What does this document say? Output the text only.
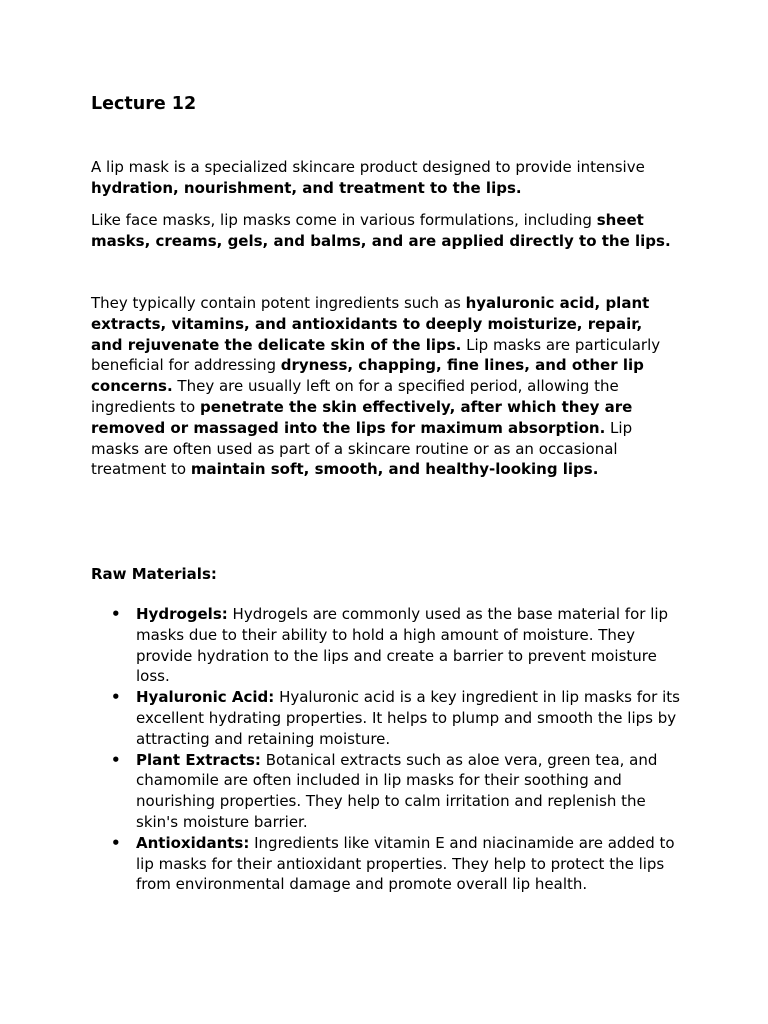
Lecture 12

A lip mask is a specialized skincare product designed to provide intensive hydration, nourishment, and treatment to the lips.

Like face masks, lip masks come in various formulations, including sheet masks, creams, gels, and balms, and are applied directly to the lips.

They typically contain potent ingredients such as hyaluronic acid, plant extracts, vitamins, and antioxidants to deeply moisturize, repair, and rejuvenate the delicate skin of the lips. Lip masks are particularly beneficial for addressing dryness, chapping, fine lines, and other lip concerns. They are usually left on for a specified period, allowing the ingredients to penetrate the skin effectively, after which they are removed or massaged into the lips for maximum absorption. Lip masks are often used as part of a skincare routine or as an occasional treatment to maintain soft, smooth, and healthy-looking lips.

Raw Materials:
• Hydrogels: Hydrogels are commonly used as the base material for lip masks due to their ability to hold a high amount of moisture. They provide hydration to the lips and create a barrier to prevent moisture loss.
• Hyaluronic Acid: Hyaluronic acid is a key ingredient in lip masks for its excellent hydrating properties. It helps to plump and smooth the lips by attracting and retaining moisture.
• Plant Extracts: Botanical extracts such as aloe vera, green tea, and chamomile are often included in lip masks for their soothing and nourishing properties. They help to calm irritation and replenish the skin's moisture barrier.
• Antioxidants: Ingredients like vitamin E and niacinamide are added to lip masks for their antioxidant properties. They help to protect the lips from environmental damage and promote overall lip health.
